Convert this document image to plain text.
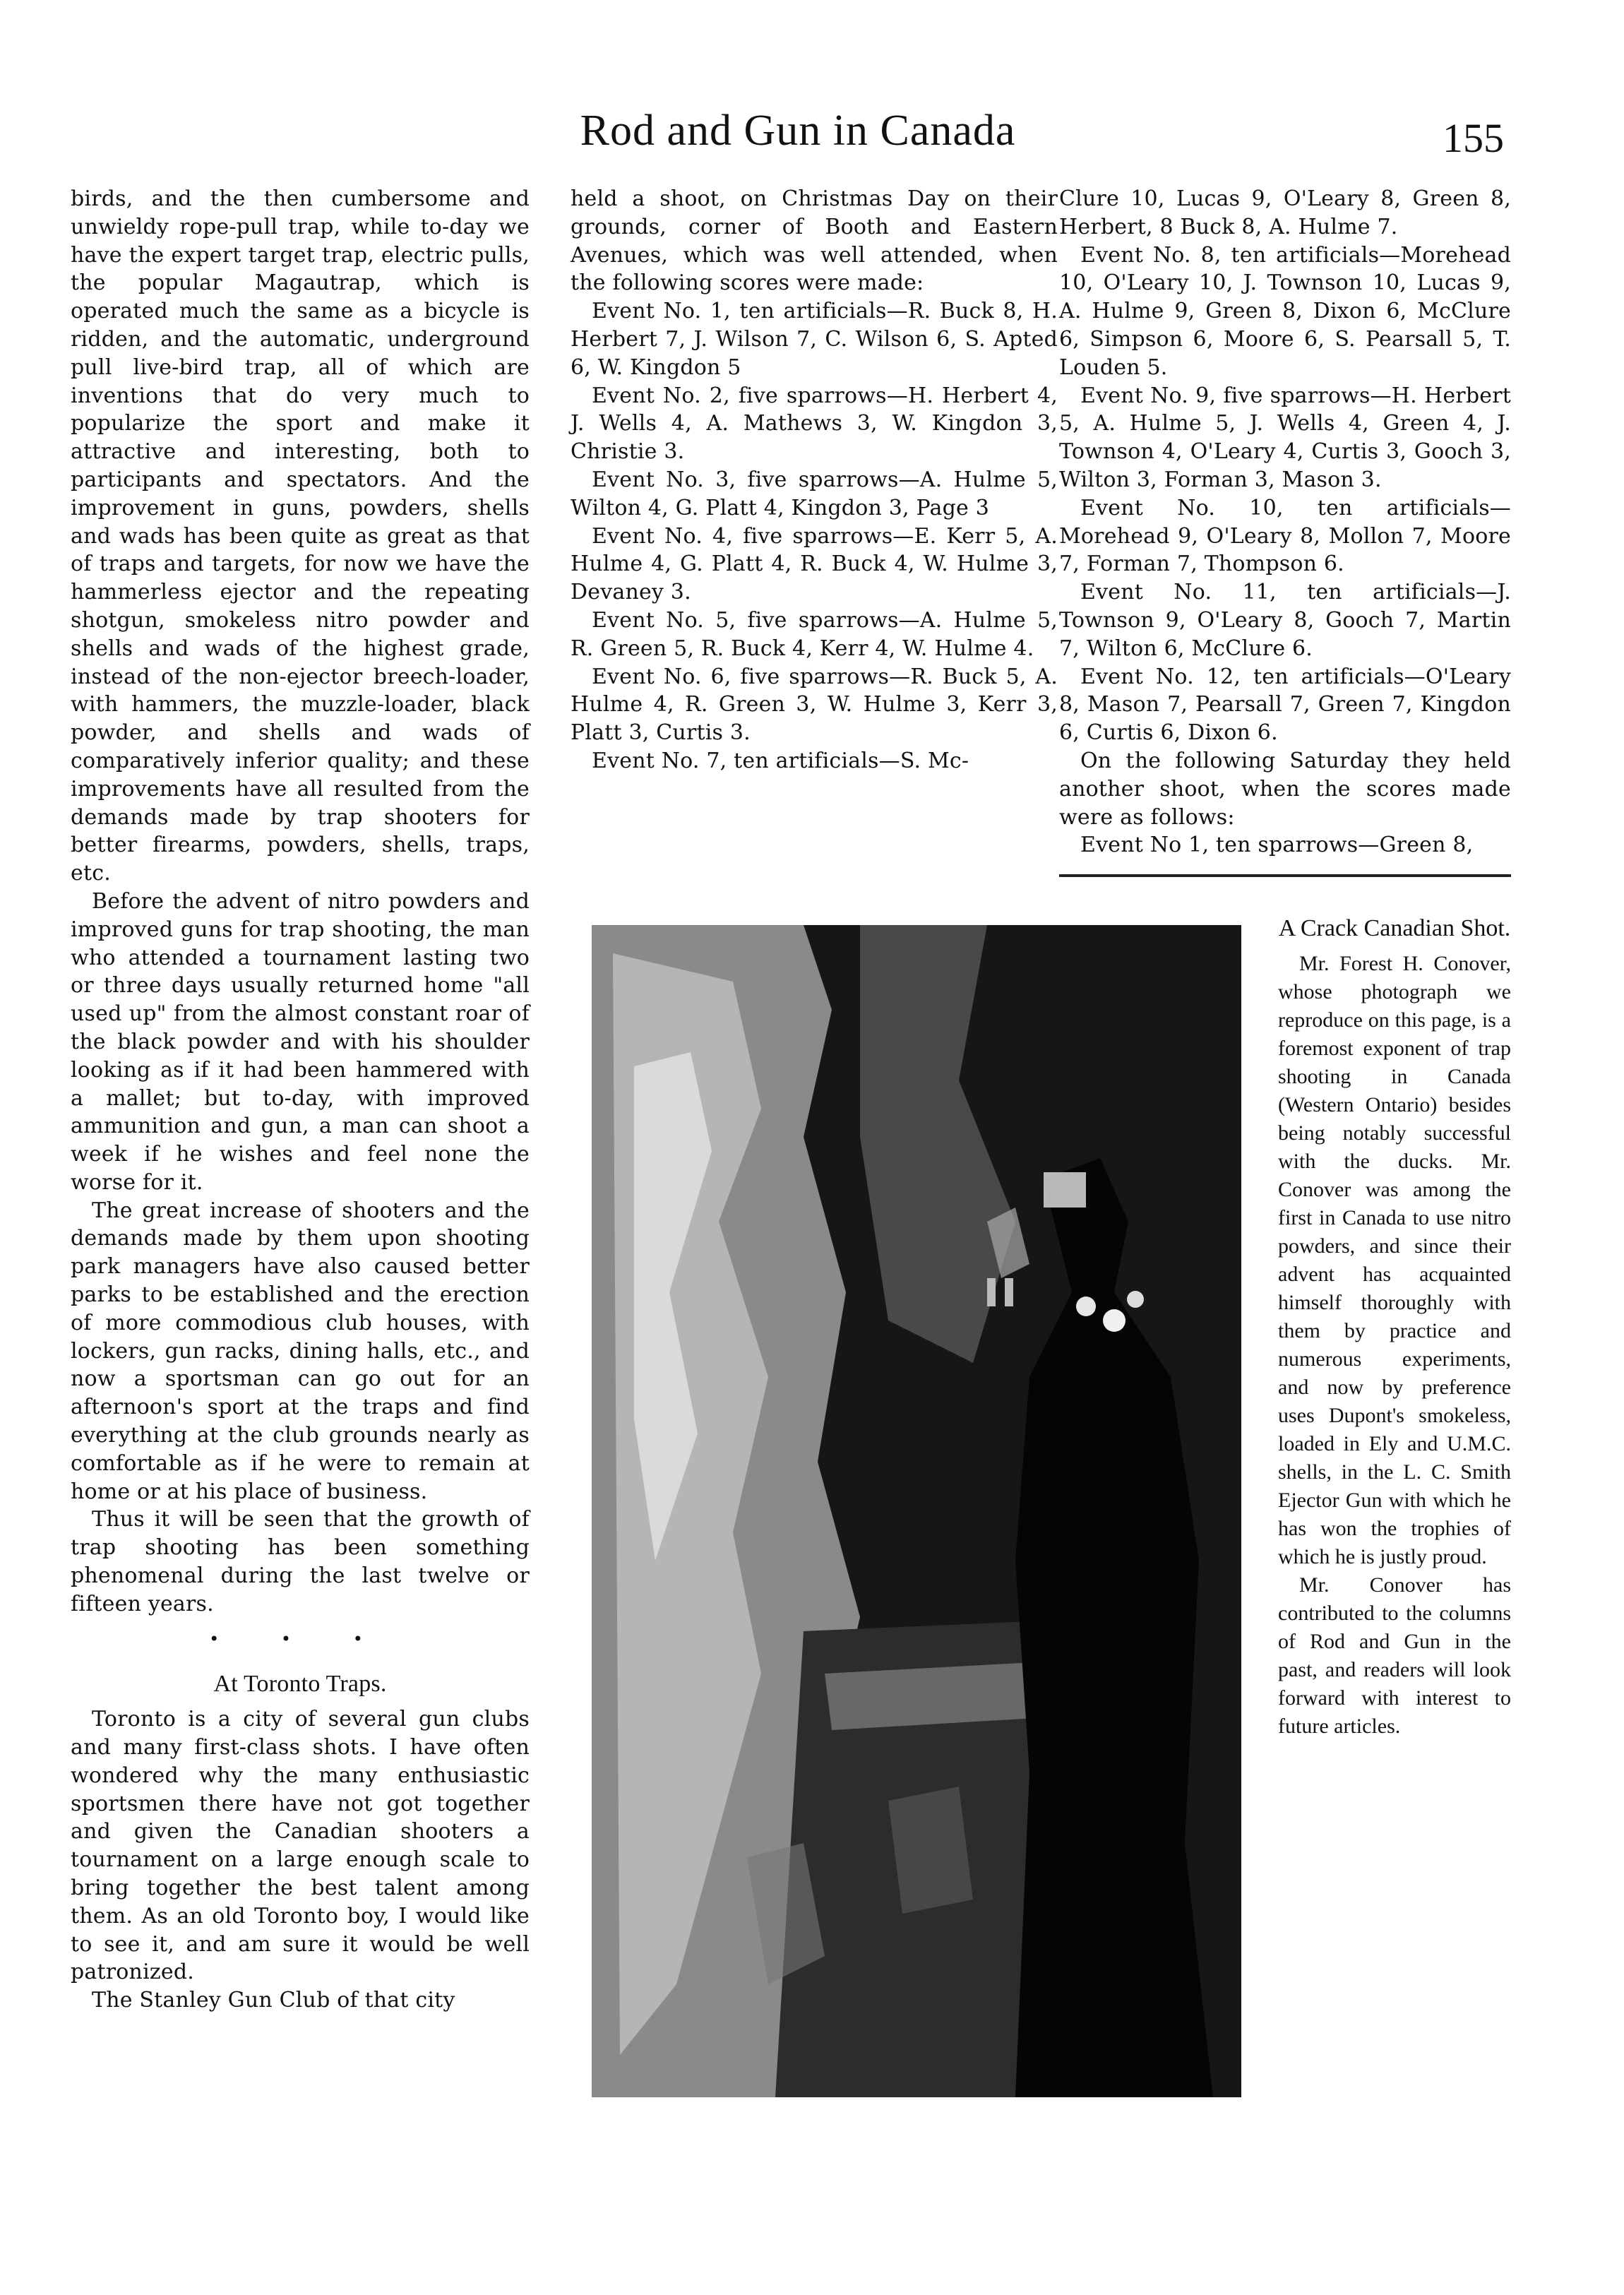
Rod and Gun in Canada	155

birds, and the then cumbersome and unwieldy rope-pull trap, while to-day we have the expert target trap, electric pulls, the popular Magautrap, which is operated much the same as a bicycle is ridden, and the automatic, underground pull live-bird trap, all of which are inventions that do very much to popularize the sport and make it attractive and interesting, both to participants and spectators. And the improvement in guns, powders, shells and wads has been quite as great as that of traps and targets, for now we have the hammerless ejector and the repeating shotgun, smokeless nitro powder and shells and wads of the highest grade, instead of the non-ejector breech-loader, with hammers, the muzzle-loader, black powder, and shells and wads of comparatively inferior quality; and these improvements have all resulted from the demands made by trap shooters for better firearms, powders, shells, traps, etc.

Before the advent of nitro powders and improved guns for trap shooting, the man who attended a tournament lasting two or three days usually returned home "all used up" from the almost constant roar of the black powder and with his shoulder looking as if it had been hammered with a mallet; but to-day, with improved ammunition and gun, a man can shoot a week if he wishes and feel none the worse for it.

The great increase of shooters and the demands made by them upon shooting park managers have also caused better parks to be established and the erection of more commodious club houses, with lockers, gun racks, dining halls, etc., and now a sportsman can go out for an afternoon's sport at the traps and find everything at the club grounds nearly as comfortable as if he were to remain at home or at his place of business.

Thus it will be seen that the growth of trap shooting has been something phenomenal during the last twelve or fifteen years.

• • •
At Toronto Traps.

Toronto is a city of several gun clubs and many first-class shots. I have often wondered why the many enthusiastic sportsmen there have not got together and given the Canadian shooters a tournament on a large enough scale to bring together the best talent among them. As an old Toronto boy, I would like to see it, and am sure it would be well patronized.

The Stanley Gun Club of that city

held a shoot, on Christmas Day on their grounds, corner of Booth and Eastern Avenues, which was well attended, when the following scores were made:

Event No. 1, ten artificials—R. Buck 8, H. Herbert 7, J. Wilson 7, C. Wilson 6, S. Apted 6, W. Kingdon 5

Event No. 2, five sparrows—H. Herbert 4, J. Wells 4, A. Mathews 3, W. Kingdon 3, Christie 3.

Event No. 3, five sparrows—A. Hulme 5, Wilton 4, G. Platt 4, Kingdon 3, Page 3

Event No. 4, five sparrows—E. Kerr 5, A. Hulme 4, G. Platt 4, R. Buck 4, W. Hulme 3, Devaney 3.

Event No. 5, five sparrows—A. Hulme 5, R. Green 5, R. Buck 4, Kerr 4, W. Hulme 4.

Event No. 6, five sparrows—R. Buck 5, A. Hulme 4, R. Green 3, W. Hulme 3, Kerr 3, Platt 3, Curtis 3.

Event No. 7, ten artificials—S. Mc-

Clure 10, Lucas 9, O'Leary 8, Green 8, Herbert, 8 Buck 8, A. Hulme 7.

Event No. 8, ten artificials—Morehead 10, O'Leary 10, J. Townson 10, Lucas 9, A. Hulme 9, Green 8, Dixon 6, McClure 6, Simpson 6, Moore 6, S. Pearsall 5, T. Louden 5.

Event No. 9, five sparrows—H. Herbert 5, A. Hulme 5, J. Wells 4, Green 4, J. Townson 4, O'Leary 4, Curtis 3, Gooch 3, Wilton 3, Forman 3, Mason 3.

Event No. 10, ten artificials—Morehead 9, O'Leary 8, Mollon 7, Moore 7, Forman 7, Thompson 6.

Event No. 11, ten artificials—J. Townson 9, O'Leary 8, Gooch 7, Martin 7, Wilton 6, McClure 6.

Event No. 12, ten artificials—O'Leary 8, Mason 7, Pearsall 7, Green 7, Kingdon 6, Curtis 6, Dixon 6.

On the following Saturday they held another shoot, when the scores made were as follows:

Event No 1, ten sparrows—Green 8,

A Crack Canadian Shot.

Mr. Forest H. Conover, whose photograph we reproduce on this page, is a foremost exponent of trap shooting in Canada (Western Ontario) besides being notably successful with the ducks. Mr. Conover was among the first in Canada to use nitro powders, and since their advent has acquainted himself thoroughly with them by practice and numerous experiments, and now by preference uses Dupont's smokeless, loaded in Ely and U.M.C. shells, in the L. C. Smith Ejector Gun with which he has won the trophies of which he is justly proud.

Mr. Conover has contributed to the columns of Rod and Gun in the past, and readers will look forward with interest to future articles.
